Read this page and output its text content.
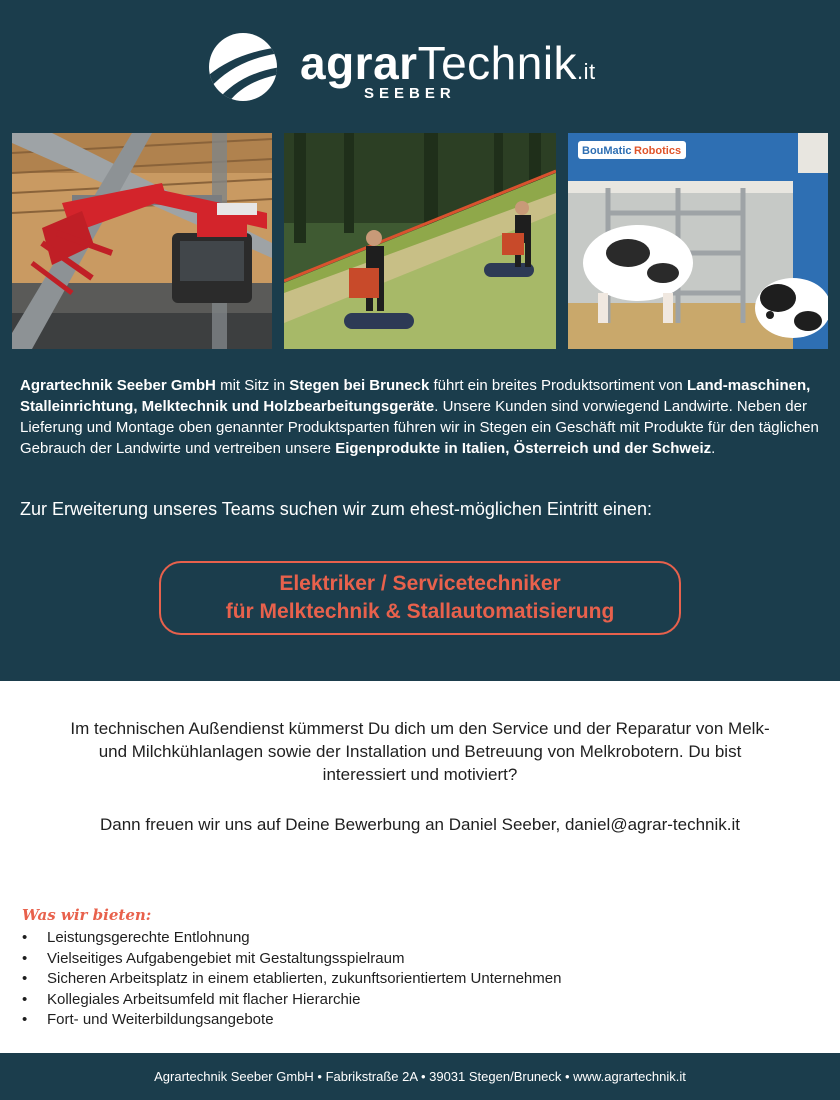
agrarTechnik.it
SEEBER
BouMatic Robotics

Agrartechnik Seeber GmbH mit Sitz in Stegen bei Bruneck führt ein breites Produktsortiment von Land-maschinen, Stalleinrichtung, Melktechnik und Holzbearbeitungsgeräte. Unsere Kunden sind vorwiegend Landwirte. Neben der Lieferung und Montage oben genannter Produktsparten führen wir in Stegen ein Geschäft mit Produkte für den täglichen Gebrauch der Landwirte und vertreiben unsere Eigenprodukte in Italien, Österreich und der Schweiz.

Zur Erweiterung unseres Teams suchen wir zum ehest-möglichen Eintritt einen:

Elektriker / Servicetechniker
für Melktechnik & Stallautomatisierung

Im technischen Außendienst kümmerst Du dich um den Service und der Reparatur von Melk- und Milchkühlanlagen sowie der Installation und Betreuung von Melkrobotern. Du bist interessiert und motiviert?

Dann freuen wir uns auf Deine Bewerbung an Daniel Seeber, daniel@agrar-technik.it

Was wir bieten:
• Leistungsgerechte Entlohnung
• Vielseitiges Aufgabengebiet mit Gestaltungsspielraum
• Sicheren Arbeitsplatz in einem etablierten, zukunftsorientiertem Unternehmen
• Kollegiales Arbeitsumfeld mit flacher Hierarchie
• Fort- und Weiterbildungsangebote
Agrartechnik Seeber GmbH • Fabrikstraße 2A • 39031 Stegen/Bruneck • www.agrartechnik.it
